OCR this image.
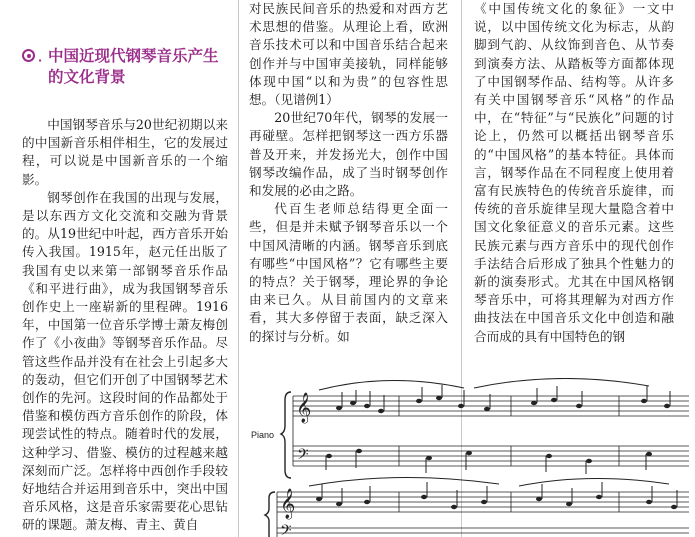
· 中国近现代钢琴音乐产生的文化背景

中国钢琴音乐与20世纪初期以来的中国新音乐相伴相生，它的发展过程，可以说是中国新音乐的一个缩影。

钢琴创作在我国的出现与发展，是以东西方文化交流和交融为背景的。从19世纪中叶起，西方音乐开始传入我国。1915年，赵元任出版了我国有史以来第一部钢琴音乐作品《和平进行曲》，成为我国钢琴音乐创作史上一座崭新的里程碑。1916年，中国第一位音乐学博士萧友梅创作了《小夜曲》等钢琴音乐作品。尽管这些作品并没有在社会上引起多大的轰动，但它们开创了中国钢琴艺术创作的先河。这段时间的作品都处于借鉴和模仿西方音乐创作的阶段，体现尝试性的特点。随着时代的发展，这种学习、借鉴、模仿的过程越来越深刻而广泛。怎样将中西创作手段较好地结合并运用到音乐中，突出中国音乐风格，这是音乐家需要花心思钻研的课题。萧友梅、青主、黄自

对民族民间音乐的热爱和对西方艺术思想的借鉴。从理论上看，欧洲音乐技术可以和中国音乐结合起来创作并与中国审美接轨，同样能够体现中国“以和为贵”的包容性思想。（见谱例1）

20世纪70年代，钢琴的发展一再碰壁。怎样把钢琴这一西方乐器普及开来，并发扬光大，创作中国钢琴改编作品，成了当时钢琴创作和发展的必由之路。

代百生老师总结得更全面一些，但是并未赋予钢琴音乐以一个中国风清晰的内涵。钢琴音乐到底有哪些“中国风格”？它有哪些主要的特点？关于钢琴，理论界的争论由来已久。从目前国内的文章来看，其大多停留于表面，缺乏深入的探讨与分析。如

《中国传统文化的象征》一文中说，以中国传统文化为标志，从韵脚到气韵、从纹饰到音色、从节奏到演奏方法、从踏板等方面都体现了中国钢琴作品、结构等。从许多有关中国钢琴音乐“风格”的作品中，在“特征”与“民族化”问题的讨论上，仍然可以概括出钢琴音乐的“中国风格”的基本特征。具体而言，钢琴作品在不同程度上使用着富有民族特色的传统音乐旋律，而传统的音乐旋律呈现大量隐含着中国文化象征意义的音乐元素。这些民族元素与西方音乐中的现代创作手法结合后形成了独具个性魅力的新的演奏形式。尤其在中国风格钢琴音乐中，可将其理解为对西方作曲技法在中国音乐文化中创造和融合而成的具有中国特色的钢

𝄞
𝄢
𝄞
𝄢
Piano
